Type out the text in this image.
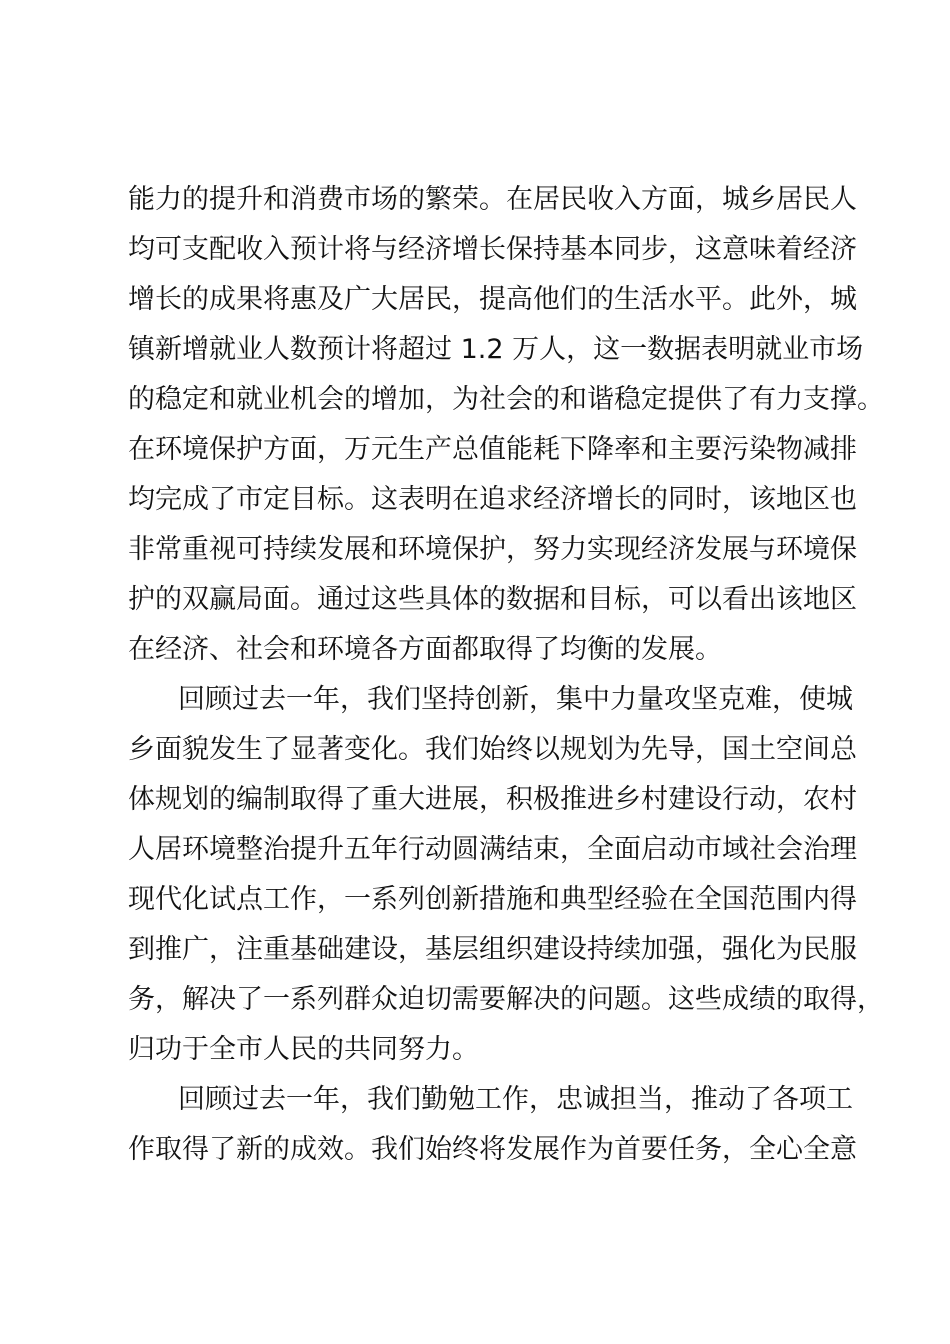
能力的提升和消费市场的繁荣。在居民收入方面，城乡居民人
均可支配收入预计将与经济增长保持基本同步，这意味着经济
增长的成果将惠及广大居民，提高他们的生活水平。此外，城
镇新增就业人数预计将超过 1.2 万人，这一数据表明就业市场
的稳定和就业机会的增加，为社会的和谐稳定提供了有力支撑。
在环境保护方面，万元生产总值能耗下降率和主要污染物减排
均完成了市定目标。这表明在追求经济增长的同时，该地区也
非常重视可持续发展和环境保护，努力实现经济发展与环境保
护的双赢局面。通过这些具体的数据和目标，可以看出该地区
在经济、社会和环境各方面都取得了均衡的发展。
回顾过去一年，我们坚持创新，集中力量攻坚克难，使城
乡面貌发生了显著变化。我们始终以规划为先导，国土空间总
体规划的编制取得了重大进展，积极推进乡村建设行动，农村
人居环境整治提升五年行动圆满结束，全面启动市域社会治理
现代化试点工作，一系列创新措施和典型经验在全国范围内得
到推广，注重基础建设，基层组织建设持续加强，强化为民服
务，解决了一系列群众迫切需要解决的问题。这些成绩的取得，
归功于全市人民的共同努力。
回顾过去一年，我们勤勉工作，忠诚担当，推动了各项工
作取得了新的成效。我们始终将发展作为首要任务，全心全意
